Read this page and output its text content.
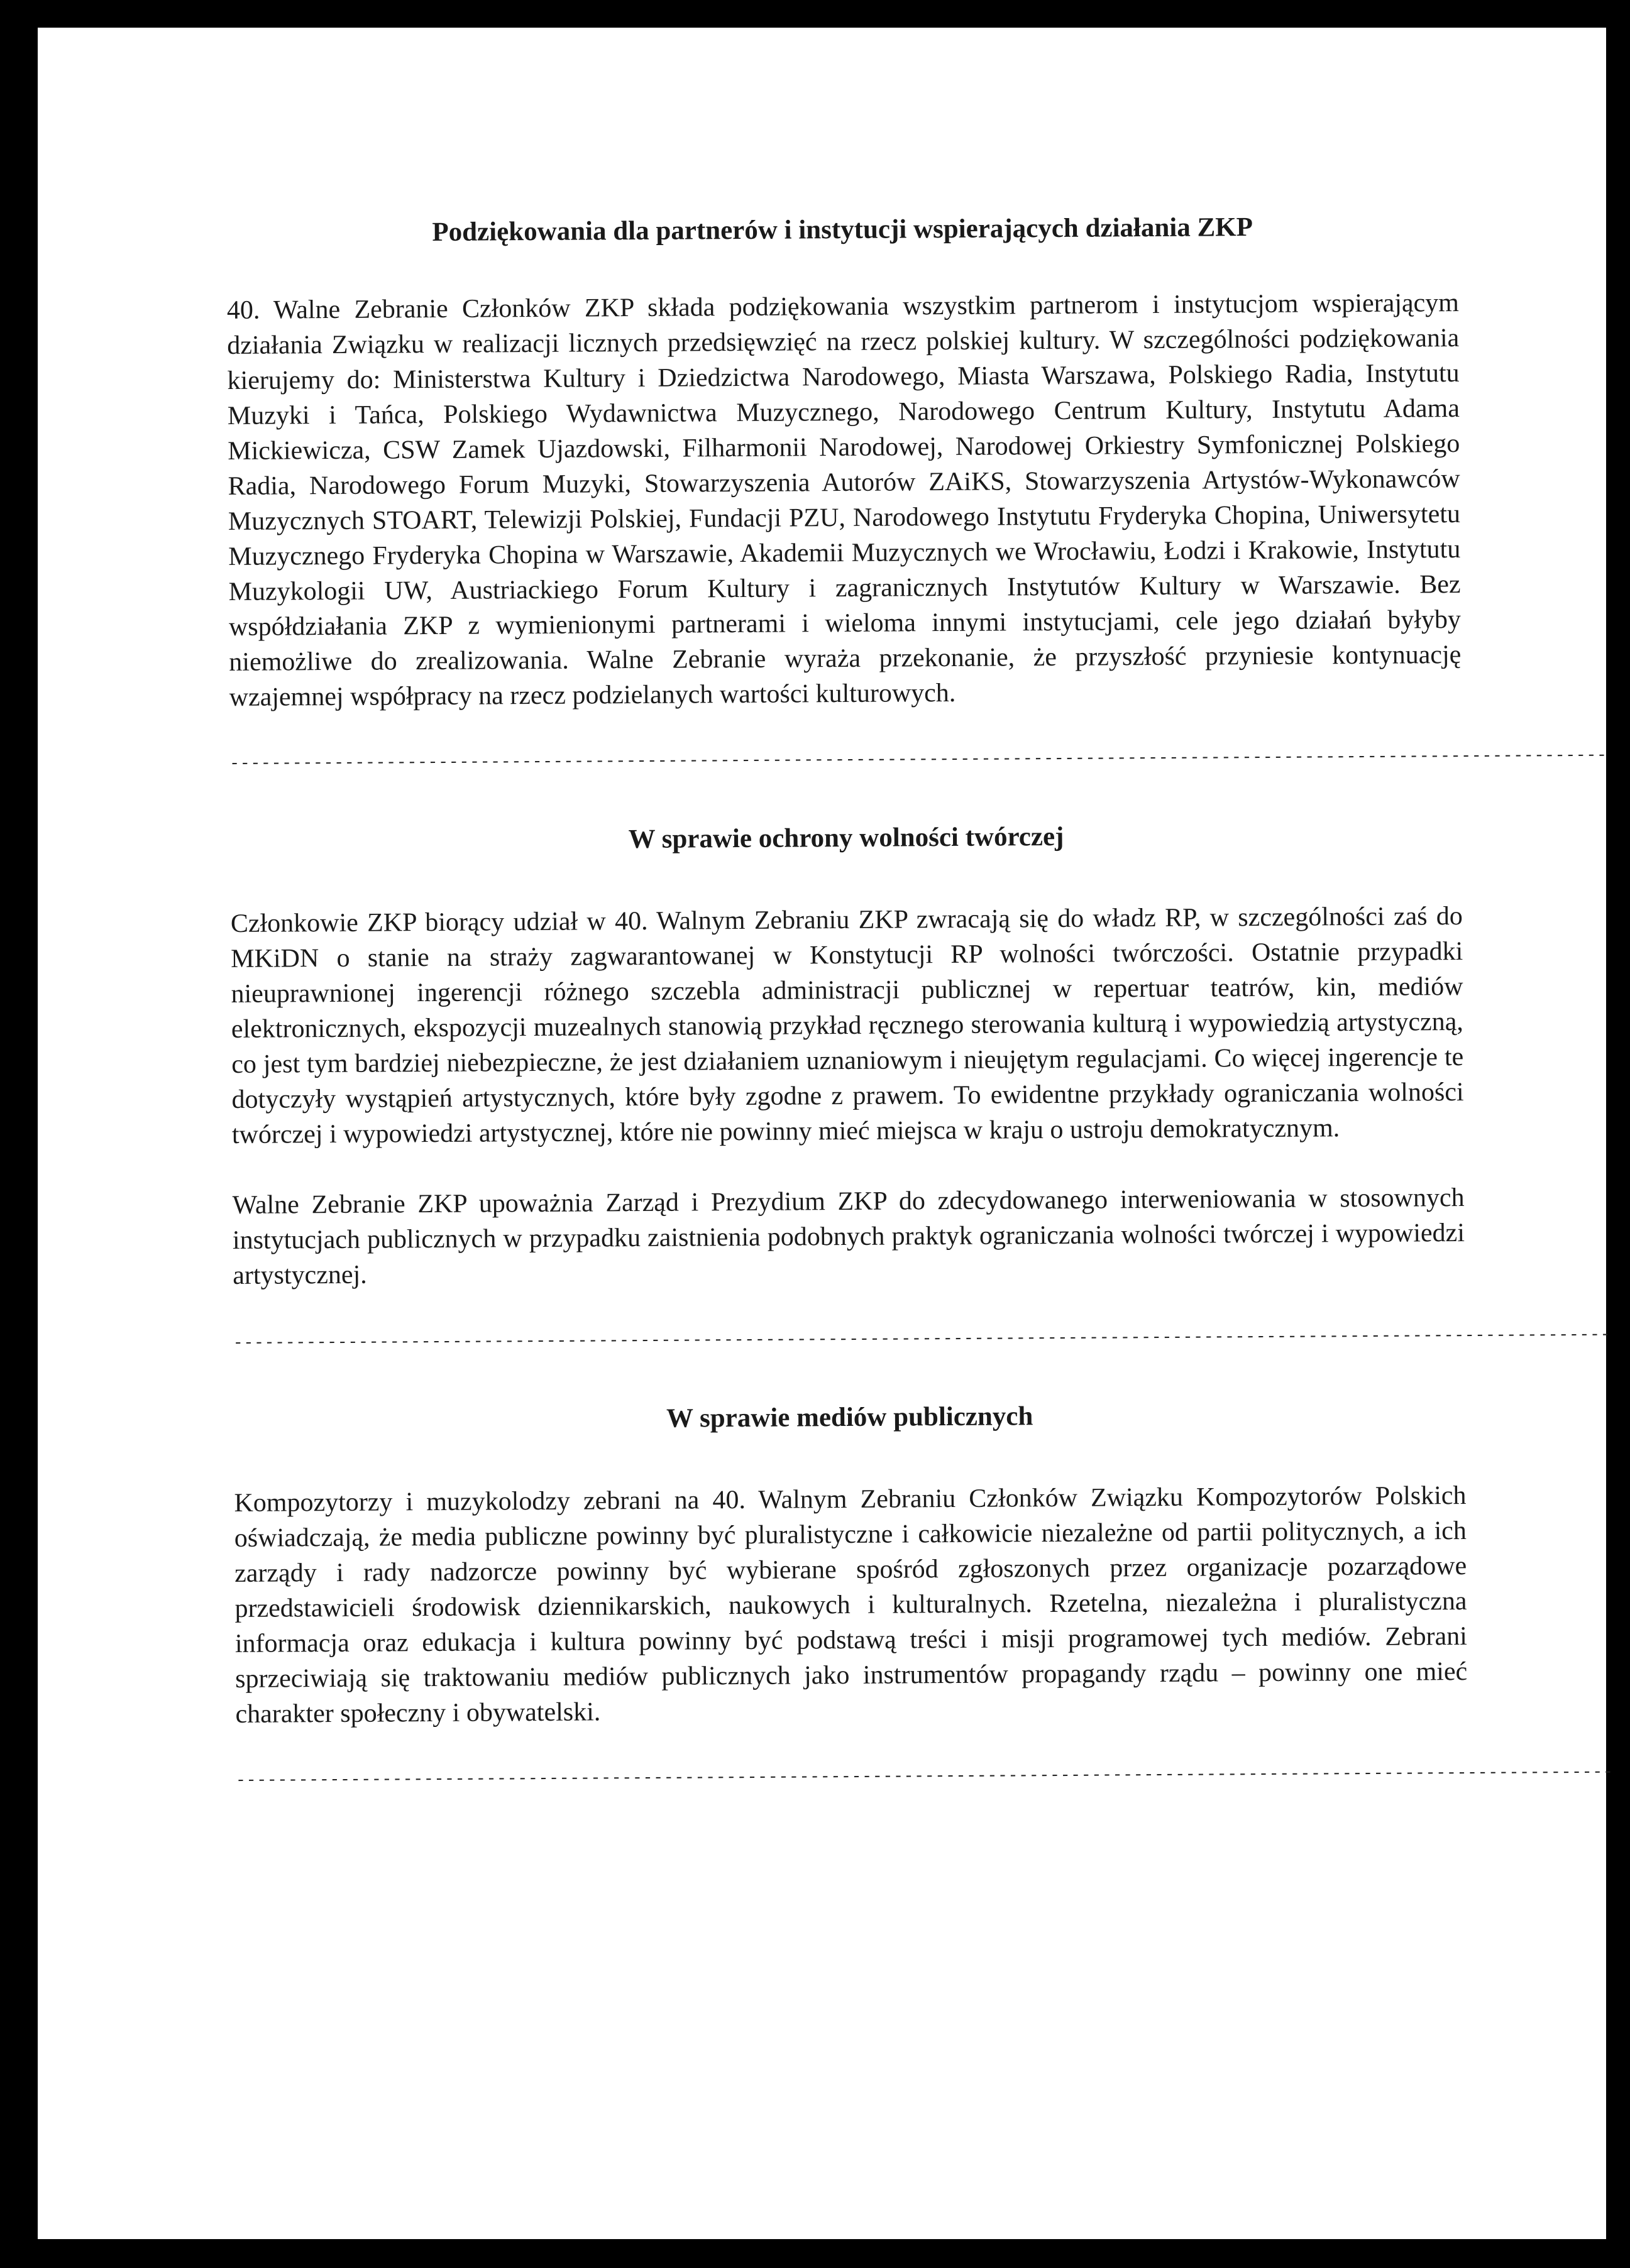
Podziękowania dla partnerów i instytucji wspierających działania ZKP

40. Walne Zebranie Członków ZKP składa podziękowania wszystkim partnerom i instytucjom wspierającym działania Związku w realizacji licznych przedsięwzięć na rzecz polskiej kultury. W szczególności podziękowania kierujemy do: Ministerstwa Kultury i Dziedzictwa Narodowego, Miasta Warszawa, Polskiego Radia, Instytutu Muzyki i Tańca, Polskiego Wydawnictwa Muzycznego, Narodowego Centrum Kultury, Instytutu Adama Mickiewicza, CSW Zamek Ujazdowski, Filharmonii Narodowej, Narodowej Orkiestry Symfonicznej Polskiego Radia, Narodowego Forum Muzyki, Stowarzyszenia Autorów ZAiKS, Stowarzyszenia Artystów-Wykonawców Muzycznych STOART, Telewizji Polskiej, Fundacji PZU, Narodowego Instytutu Fryderyka Chopina, Uniwersytetu Muzycznego Fryderyka Chopina w Warszawie, Akademii Muzycznych we Wrocławiu, Łodzi i Krakowie, Instytutu Muzykologii UW, Austriackiego Forum Kultury i zagranicznych Instytutów Kultury w Warszawie. Bez współdziałania ZKP z wymienionymi partnerami i wieloma innymi instytucjami, cele jego działań byłyby niemożliwe do zrealizowania. Walne Zebranie wyraża przekonanie, że przyszłość przyniesie kontynuację wzajemnej współpracy na rzecz podzielanych wartości kulturowych.

------------------------------------------------------------------------------------------------------------------------------------
W sprawie ochrony wolności twórczej

Członkowie ZKP biorący udział w 40. Walnym Zebraniu ZKP zwracają się do władz RP, w szczególności zaś do MKiDN o stanie na straży zagwarantowanej w Konstytucji RP wolności twórczości. Ostatnie przypadki nieuprawnionej ingerencji różnego szczebla administracji publicznej w repertuar teatrów, kin, mediów elektronicznych, ekspozycji muzealnych stanowią przykład ręcznego sterowania kulturą i wypowiedzią artystyczną, co jest tym bardziej niebezpieczne, że jest działaniem uznaniowym i nieujętym regulacjami. Co więcej ingerencje te dotyczyły wystąpień artystycznych, które były zgodne z prawem. To ewidentne przykłady ograniczania wolności twórczej i wypowiedzi artystycznej, które nie powinny mieć miejsca w kraju o ustroju demokratycznym.

Walne Zebranie ZKP upoważnia Zarząd i Prezydium ZKP do zdecydowanego interweniowania w stosownych instytucjach publicznych w przypadku zaistnienia podobnych praktyk ograniczania wolności twórczej i wypowiedzi artystycznej.

------------------------------------------------------------------------------------------------------------------------------------
W sprawie mediów publicznych

Kompozytorzy i muzykolodzy zebrani na 40. Walnym Zebraniu Członków Związku Kompozytorów Polskich oświadczają, że media publiczne powinny być pluralistyczne i całkowicie niezależne od partii politycznych, a ich zarządy i rady nadzorcze powinny być wybierane spośród zgłoszonych przez organizacje pozarządowe przedstawicieli środowisk dziennikarskich, naukowych i kulturalnych. Rzetelna, niezależna i pluralistyczna informacja oraz edukacja i kultura powinny być podstawą treści i misji programowej tych mediów. Zebrani sprzeciwiają się traktowaniu mediów publicznych jako instrumentów propagandy rządu – powinny one mieć charakter społeczny i obywatelski.

------------------------------------------------------------------------------------------------------------------------------------
